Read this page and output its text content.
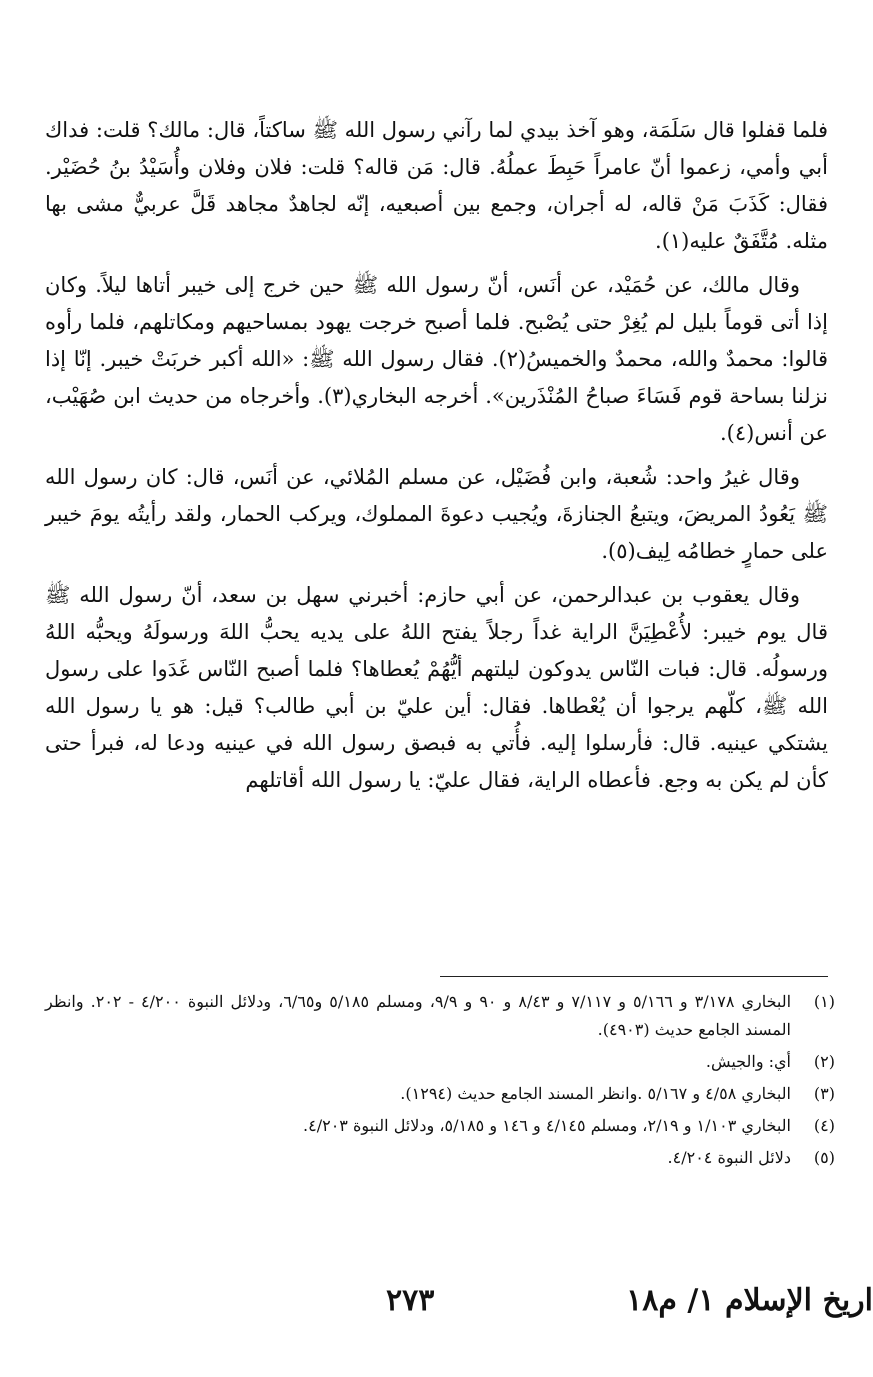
فلما قفلوا قال سَلَمَة، وهو آخذ بيدي لما رآني رسول الله ﷺ ساكتاً، قال: مالك؟ قلت: فداك أبي وأمي، زعموا أنّ عامراً حَبِطَ عملُهُ. قال: مَن قاله؟ قلت: فلان وفلان وأُسَيْدُ بنُ حُضَيْر. فقال: كَذَبَ مَنْ قاله، له أجران، وجمع بين أصبعيه، إنّه لجاهدٌ مجاهد قَلَّ عربيٌّ مشى بها مثله. مُتَّفَقٌ عليه(١).

وقال مالك، عن حُمَيْد، عن أنَس، أنّ رسول الله ﷺ حين خرج إلى خيبر أتاها ليلاً. وكان إذا أتى قوماً بليل لم يُغِرْ حتى يُصْبح. فلما أصبح خرجت يهود بمساحيهم ومكاتلهم، فلما رأوه قالوا: محمدٌ والله، محمدٌ والخميسُ(٢). فقال رسول الله ﷺ: «الله أكبر خربَتْ خيبر. إنّا إذا نزلنا بساحة قوم فَسَاءَ صباحُ المُنْذَرين». أخرجه البخاري(٣). وأخرجاه من حديث ابن صُهَيْب، عن أنس(٤).

وقال غيرُ واحد: شُعبة، وابن فُضَيْل، عن مسلم المُلائي، عن أنَس، قال: كان رسول الله ﷺ يَعُودُ المريضَ، ويتبعُ الجنازةَ، ويُجيب دعوةَ المملوك، ويركب الحمار، ولقد رأيتُه يومَ خيبر على حمارٍ خطامُه لِيف(٥).

وقال يعقوب بن عبدالرحمن، عن أبي حازم: أخبرني سهل بن سعد، أنّ رسول الله ﷺ قال يوم خيبر: لأُعْطِيَنَّ الراية غداً رجلاً يفتح اللهُ على يديه يحبُّ اللهَ ورسولَهُ ويحبُّه اللهُ ورسولُه. قال: فبات النّاس يدوكون ليلتهم أيُّهُمْ يُعطاها؟ فلما أصبح النّاس غَدَوا على رسول الله ﷺ، كلّهم يرجوا أن يُعْطاها. فقال: أين عليّ بن أبي طالب؟ قيل: هو يا رسول الله يشتكي عينيه. قال: فأرسلوا إليه. فأُتي به فبصق رسول الله في عينيه ودعا له، فبرأ حتى كأن لم يكن به وجع. فأعطاه الراية، فقال عليّ: يا رسول الله أقاتلهم

(١)
البخاري ٣/١٧٨ و ٥/١٦٦ و ٧/١١٧ و ٨/٤٣ و ٩٠ و ٩/٩، ومسلم ٥/١٨٥ و٦/٦٥، ودلائل النبوة ٤/٢٠٠ - ٢٠٢. وانظر المسند الجامع حديث (٤٩٠٣).
(٢)
أي: والجيش.
(٣)
البخاري ٤/٥٨ و ٥/١٦٧ .وانظر المسند الجامع حديث (١٢٩٤).
(٤)
البخاري ١/١٠٣ و ٢/١٩، ومسلم ٤/١٤٥ و ١٤٦ و ٥/١٨٥، ودلائل النبوة ٤/٢٠٣.
(٥)
دلائل النبوة ٤/٢٠٤.
اريخ الإسلام ١/ م١٨
٢٧٣
